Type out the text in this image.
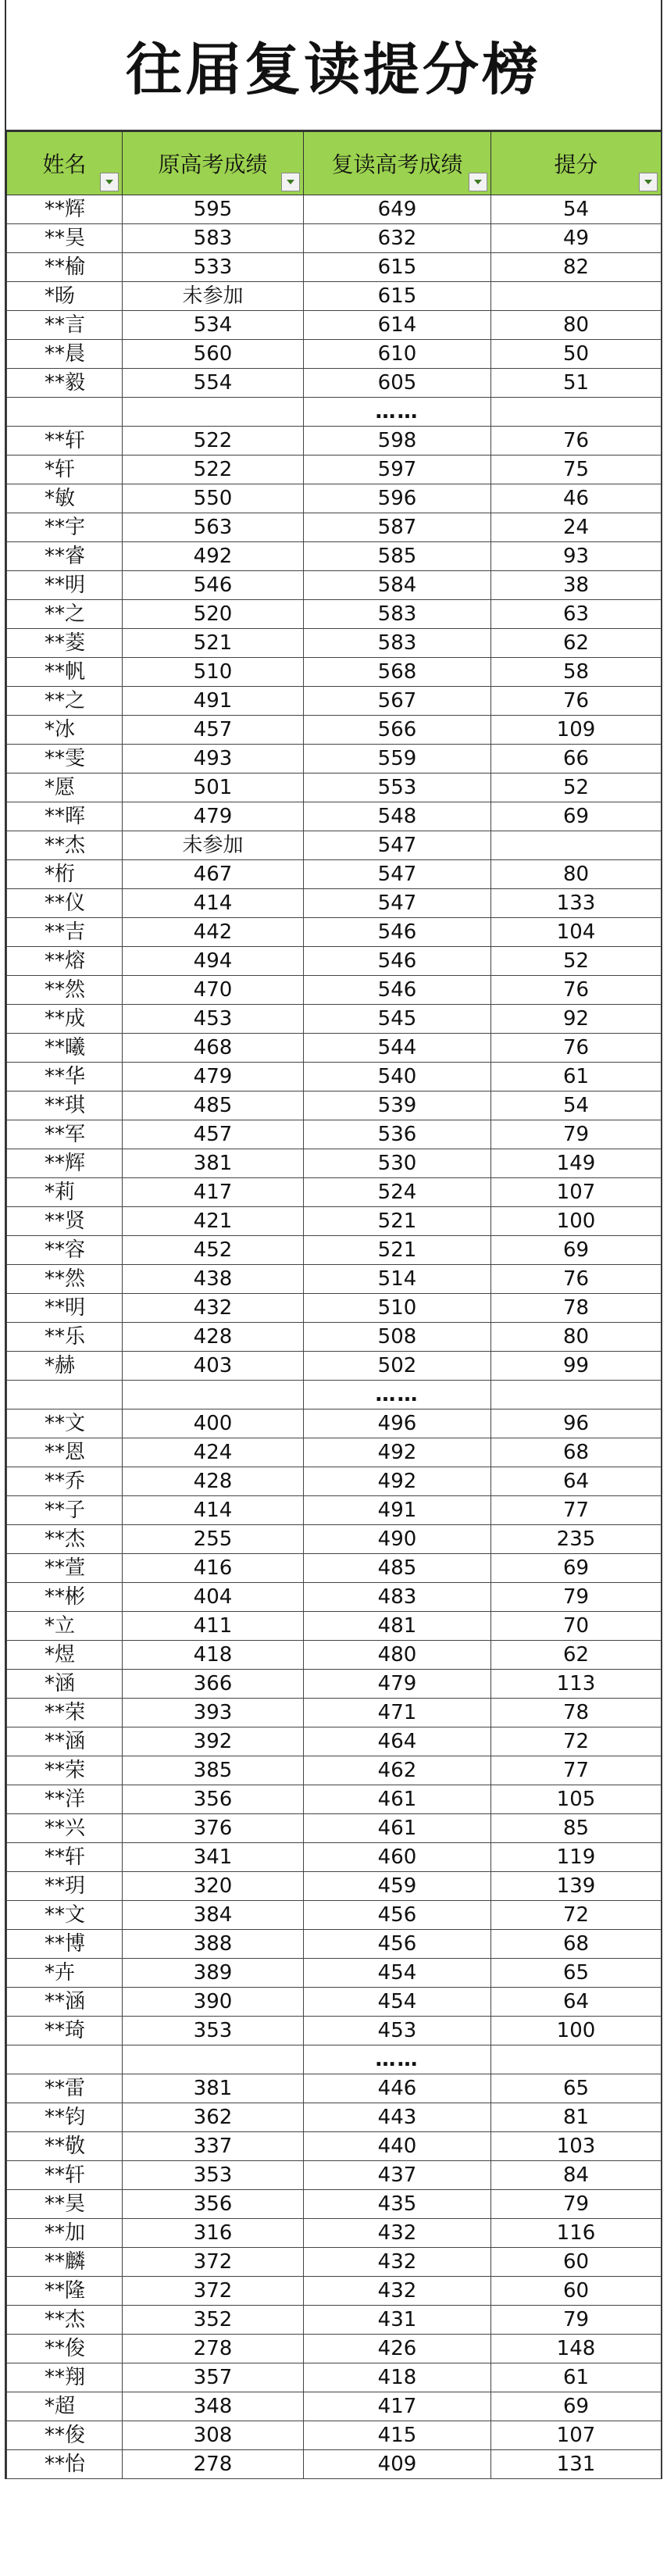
往届复读提分榜
姓名	原高考成绩	复读高考成绩	提分

**辉	595	649	54
**昊	583	632	49
**榆	533	615	82
*旸	未参加	615	
**言	534	614	80
**晨	560	610	50
**毅	554	605	51
		……	
**轩	522	598	76
*轩	522	597	75
*敏	550	596	46
**宇	563	587	24
**睿	492	585	93
**明	546	584	38
**之	520	583	63
**菱	521	583	62
**帆	510	568	58
**之	491	567	76
*冰	457	566	109
**雯	493	559	66
*愿	501	553	52
**晖	479	548	69
**杰	未参加	547	
*桁	467	547	80
**仪	414	547	133
**吉	442	546	104
**熔	494	546	52
**然	470	546	76
**成	453	545	92
**曦	468	544	76
**华	479	540	61
**琪	485	539	54
**军	457	536	79
**辉	381	530	149
*莉	417	524	107
**贤	421	521	100
**容	452	521	69
**然	438	514	76
**明	432	510	78
**乐	428	508	80
*赫	403	502	99
		……	
**文	400	496	96
**恩	424	492	68
**乔	428	492	64
**子	414	491	77
**杰	255	490	235
**萱	416	485	69
**彬	404	483	79
*立	411	481	70
*煜	418	480	62
*涵	366	479	113
**荣	393	471	78
**涵	392	464	72
**荣	385	462	77
**洋	356	461	105
**兴	376	461	85
**轩	341	460	119
**玥	320	459	139
**文	384	456	72
**博	388	456	68
*卉	389	454	65
**涵	390	454	64
**琦	353	453	100
		……	
**雷	381	446	65
**钧	362	443	81
**敬	337	440	103
**轩	353	437	84
**昊	356	435	79
**加	316	432	116
**麟	372	432	60
**隆	372	432	60
**杰	352	431	79
**俊	278	426	148
**翔	357	418	61
*超	348	417	69
**俊	308	415	107
**怡	278	409	131
